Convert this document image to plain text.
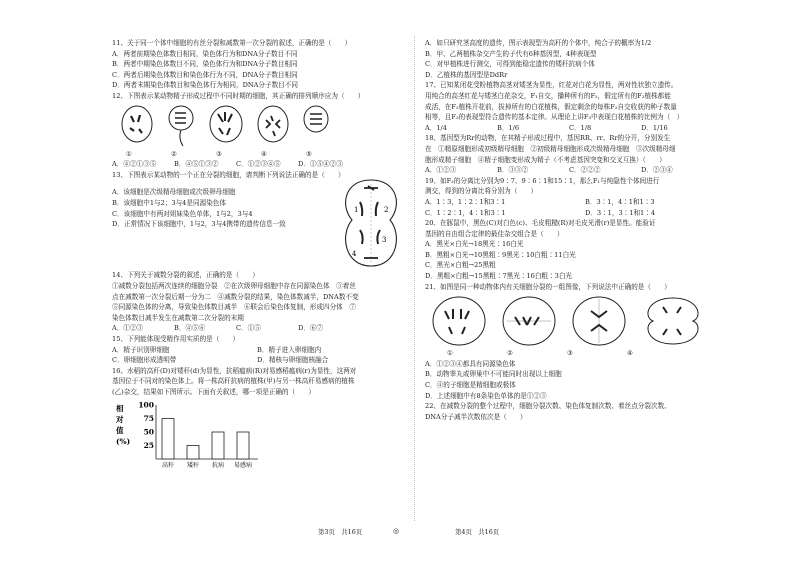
11、关于同一个体中细胞的有丝分裂和减数第一次分裂的叙述，正确的是（　　）
A．两者前期染色体数目相同，染色体行为和DNA分子数目不同
B．两者中期染色体数目不同，染色体行为和DNA分子数目相同
C．两者后期染色体数目和染色体行为不同，DNA分子数目相同
D．两者末期染色体数目和染色体行为相同，DNA分子数目不同
12、下图表示某动物精子形成过程中不同时期的细胞，其正确的排列顺序应为（　　）
①	②	③	④	⑤
A．④②①③⑤	B．④⑤①③②	C．①②③④⑤	D．①⑤④②③
13、下图表示某动物的一个正在分裂的细胞，请判断下列说法正确的是（　　）
A．该细胞是次级精母细胞或次级卵母细胞
B．该细胞中1与2；3与4是同源染色体
C．该细胞中有两对姐妹染色单体，1与2，3与4
D．正常情况下该细胞中，1与2，3与4携带的遗传信息一致
1	2
3
4
14、下列关于减数分裂的叙述，正确的是（　　）
①减数分裂包括两次连续的细胞分裂　②在次级卵母细胞中存在同源染色体　③着丝
点在减数第一次分裂后期一分为二　④减数分裂的结果，染色体数减半，DNA数不变
⑤同源染色体的分离，导致染色体数目减半　⑥联会后染色体复制，形成四分体　⑦
染色体数目减半发生在减数第二次分裂的末期
A．①②③	B．④⑤⑥	C．①⑤	D．⑥⑦
15、下列能体现受精作用实质的是（　　）
A．精子识别卵细胞	B．精子进入卵细胞内
C．卵细胞形成透明带	D．精核与卵细胞核融合
16、水稻的高秆(D)对矮秆(d)为显性，抗稻瘟病(R)对易感稻瘟病(r)为显性，这两对
基因位于不同对的染色体上。将一株高秆抗病的植株(甲)与另一株高秆易感病的植株
(乙)杂交，结果如下图所示。下面有关叙述，哪一项是正确的（　　）
相
对
值
(%)
100
75
50
25
高秆 矮秆 抗病 易感病
A．如只研究茎高度的遗传，图示表现型为高秆的个体中，纯合子的概率为1/2
B．甲、乙两植株杂交产生的子代有6种基因型，4种表现型
C．对甲植株进行测交，可得到能稳定遗传的矮秆抗病个体
D．乙植株的基因型是DdRr
17、已知某闭花受粉植物高茎对矮茎为显性，红花对白花为显性，两对性状独立遗传。
用纯合的高茎红花与矮茎白花杂交，F₁自交，播种所有的F₂，假定所有的F₂植株都能
成活，在F₂植株开花前，拔掉所有的白花植株，假定剩余的每株F₂自交收获的种子数量
相等，且F₃的表现型符合遗传的基本定律。从理论上讲F₃中表现白花植株的比例为（　）
A．1/4	B．1/6	C．1/8	D．1/16
18、基因型为Rr的动物，在其精子形成过程中，基因RR、rr、Rr的分开，分别发生
在　①精原细胞形成初级精母细胞　②初级精母细胞形成次级精母细胞　③次级精母细
胞形成精子细胞　④精子细胞变形成为精子（不考虑基因突变和交叉互换）（　　）
A．①②③	B．③③②	C．②②②	D．②③④
19、如F₂的分离比分别为9∶7、9∶6∶1和15∶1，那么F₁与纯隐性个体间进行
测交，得到的分离比将分别为（　　）
A．1∶3，1∶2∶1和3∶1	B．3∶1，4∶1和1∶3
C．1∶2∶1，4∶1和3∶1	D．3∶1，3∶1和1∶4
20、在豚鼠中，黑色(C)对白色(c)、毛皮粗糙(R)对毛皮光滑(r)是显性。能验证
基因的自由组合定律的最佳杂交组合是（　　）
A．黑光×白光→18黑光∶16白光
B．黑粗×白光→10黑粗∶9黑光∶10白粗∶11白光
C．黑光×白粗→25黑粗
D．黑粗×白粗→15黑粗∶7黑光∶16白粗∶3白光
21、如图是同一种动物体内有关细胞分裂的一组图像，下列说法中正确的是（　　）
①	②	③	④
A．①②③④都具有同源染色体
B．动物睾丸或卵巢中不可能同时出现以上细胞
C．④的子细胞是精细胞或极体
D．上述细胞中有8条染色单体的是①②③
22、在减数分裂的整个过程中，细胞分裂次数、染色体复制次数、着丝点分裂次数、
DNA分子减半次数依次是（　　）
第3页　共16页	◎	第4页　共16页
